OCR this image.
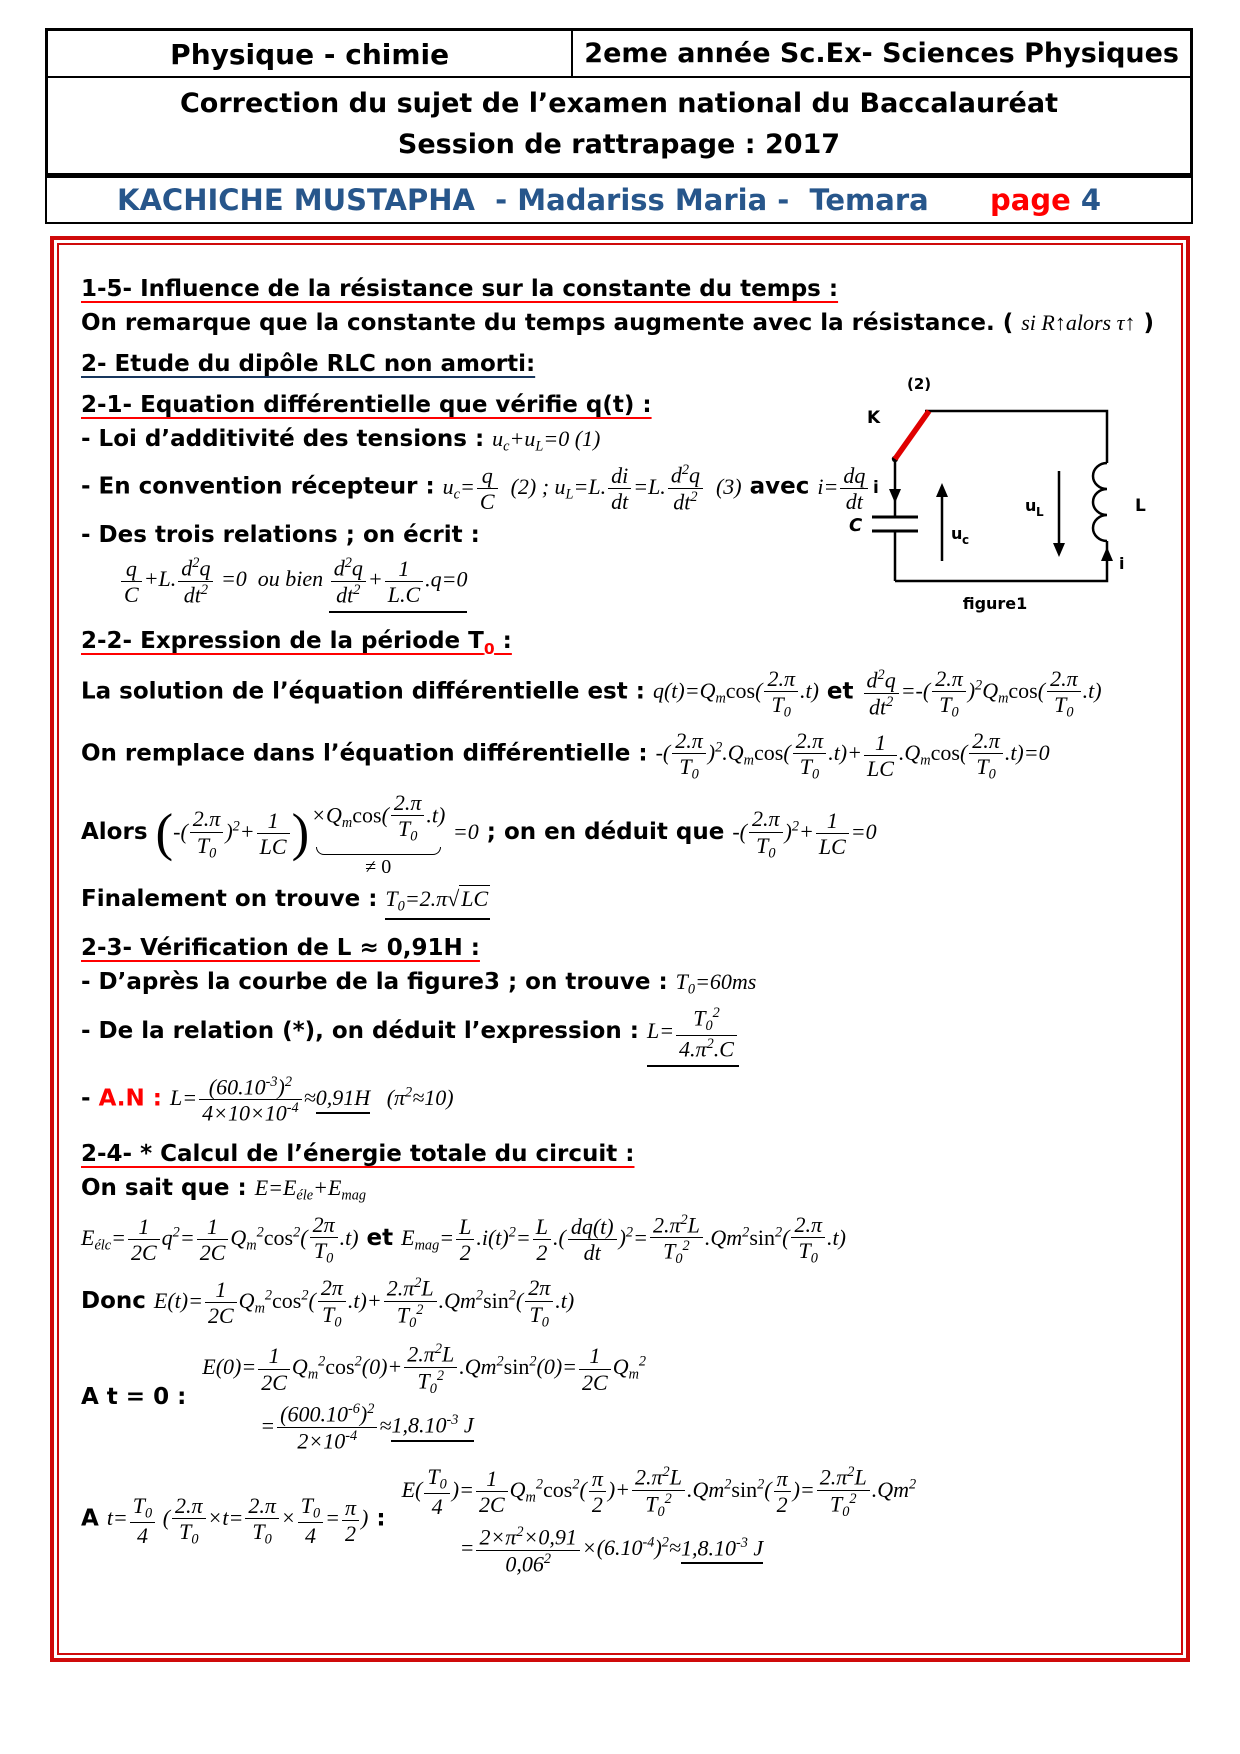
Physique - chimie	2eme année Sc.Ex- Sciences Physiques
Correction du sujet de l’examen national du Baccalauréat
Session de rattrapage : 2017
KACHICHE MUSTAPHA  - Madariss Maria -  Temara page 4
1-5- Influence de la résistance sur la constante du temps :
On remarque que la constante du temps augmente avec la résistance. ( si R↑alors τ↑ )
2- Etude du dipôle RLC non amorti:
2-1- Equation différentielle que vérifie q(t) :
- Loi d’additivité des tensions : uc+uL=0 (1)
- En convention récepteur : $uc= \frac{q}{C} (2)$ ; uL=L. $\frac{di}{dt} =L$. $\frac{d^2q}{dt^2} (3)$ avec $i= \frac{dq}{dt}$
- Des trois relations ; on écrit :
$\frac{q}{C} +L$. $\frac{d^2q}{dt^2} =0$ ou bien $\frac{d^2q}{dt^2} + \frac{1}{L.C} .q=0$
2-2- Expression de la période $T_0$ :
La solution de l’équation différentielle est : $q(t)=Qmcos( \frac{2.\pi}{T0} .t)$ et $\frac{d^2q}{dt^2}$ =-( $\frac{2.\pi}{T0} )^2Qmcos( \frac{2.\pi}{T0} .t)$
On remplace dans l’équation différentielle : -( $\frac{2.\pi}{T0} )^2.Qmcos( \frac{2.\pi}{T0} .t)+ \frac{1}{LC} .Qmcos( \frac{2.\pi}{T0} .t)=0$
Alors (-( $\frac{2.\pi}{T0} )^2+ \frac{1}{LC}$ ) $\times Qmcos( \frac{2.\pi}{T0} .t)$
≠ 0
=0 ; on en déduit que -( $\frac{2.\pi}{T0} )^2+ \frac{1}{LC} =0$
Finalement on trouve : T0=2.π√LC
2-3- Vérification de L ≈ 0,91H :
- D’après la courbe de la figure3 ; on trouve : T0=60ms
- De la relation (*), on déduit l’expression : $L= \frac{T0^2}{4.\pi^2.C}$
- A.N : $L= \frac{(60.10^{-3})^2}{4\times 10\times 10^{-4}} \approx 0,91H$ $(\pi^2\approx 10)$
2-4- * Calcul de l’énergie totale du circuit :
On sait que : E=Eéle+Emag
Eélc= $\frac{1}{2C} q^2= \frac{1}{2C} Qm^2\cos^2( \frac{2\pi}{T0} .t)$ et Emag= $\frac{L}{2} .i(t)^2= \frac{L}{2}$ .( $\frac{dq(t)}{dt} )^2= \frac{2.\pi^2L}{T0^2} .Qm^2\sin^2( \frac{2.\pi}{T0} .t)$
Donc $E(t)= \frac{1}{2C} Qm^2\cos^2( \frac{2\pi}{T0} .t)+ \frac{2.\pi^2L}{T0^2} .Qm^2\sin^2( \frac{2\pi}{T0} .t)$
A t = 0 :
$E(0)= \frac{1}{2C} Qm^2\cos^2(0)+ \frac{2.\pi^2L}{T0^2} .Qm^2\sin^2(0)= \frac{1}{2C} Qm^2$
= $\frac{(600.10^{-6})^2}{2\times 10^{-4}} \approx 1,8.10^{-3}$ J
A $t= \frac{T0}{4}$ ( $\frac{2.\pi}{T0} \times t= \frac{2.\pi}{T0} \times \frac{T0}{4} = \frac{\pi}{2}$ ) :
$E( \frac{T0}{4}$ )= $\frac{1}{2C} Qm^2\cos^2( \frac{\pi}{2}$ )+ $\frac{2.\pi^2L}{T0^2} .Qm^2\sin^2( \frac{\pi}{2}$ )= $\frac{2.\pi^2L}{T0^2} .Qm^2$
= $\frac{2\times\pi^2\times 0,91}{0,06^2} \times(6.10^{-4})^2\approx 1,8.10^{-3}$ J
(2)
K
i
C	u c
L
u L
i
figure1
